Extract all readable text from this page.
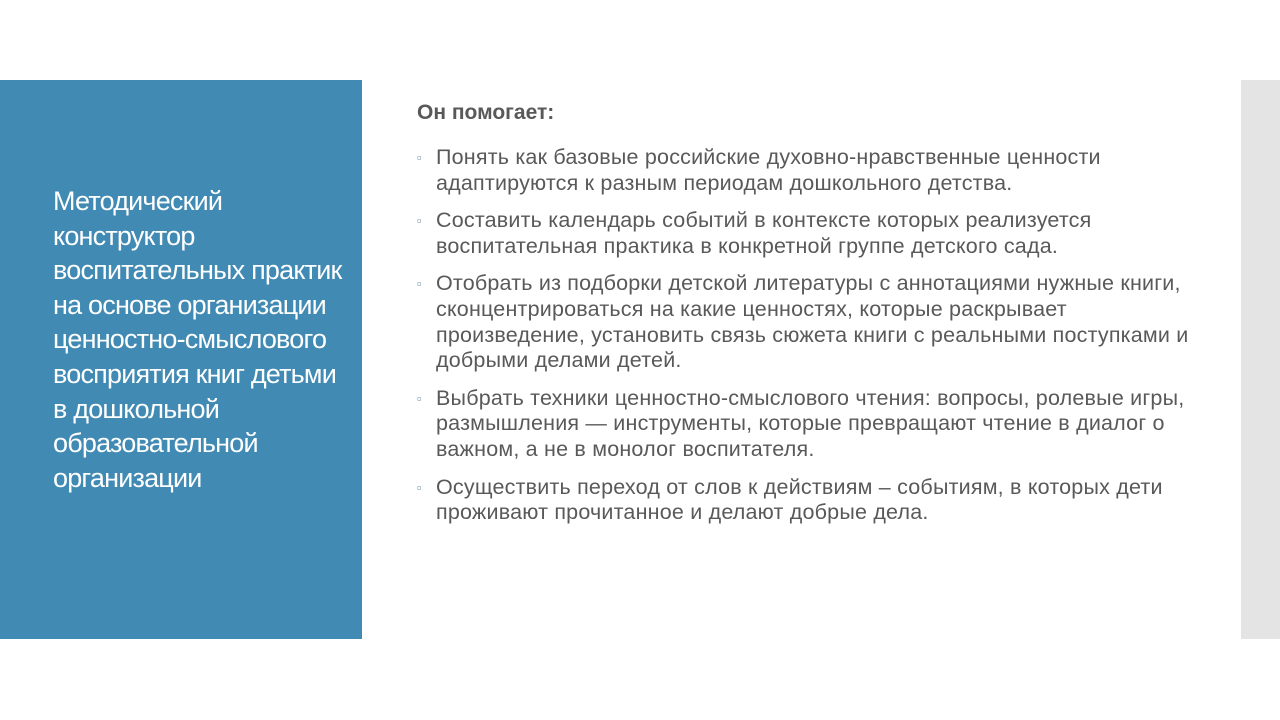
Методический конструктор воспитательных практик на основе организации ценностно-смыслового восприятия книг детьми в дошкольной образовательной организации

Он помогает:

▫ Понять как базовые российские духовно-нравственные ценности адаптируются к разным периодам дошкольного детства.
▫ Составить календарь событий в контексте которых реализуется воспитательная практика в конкретной группе детского сада.
▫ Отобрать из подборки детской литературы с аннотациями нужные книги, сконцентрироваться на какие ценностях, которые раскрывает произведение, установить связь сюжета книги с реальными поступками и добрыми делами детей.
▫ Выбрать техники ценностно-смыслового чтения: вопросы, ролевые игры, размышления — инструменты, которые превращают чтение в диалог о важном, а не в монолог воспитателя.
▫ Осуществить переход от слов к действиям – событиям, в которых дети проживают прочитанное и делают добрые дела.
